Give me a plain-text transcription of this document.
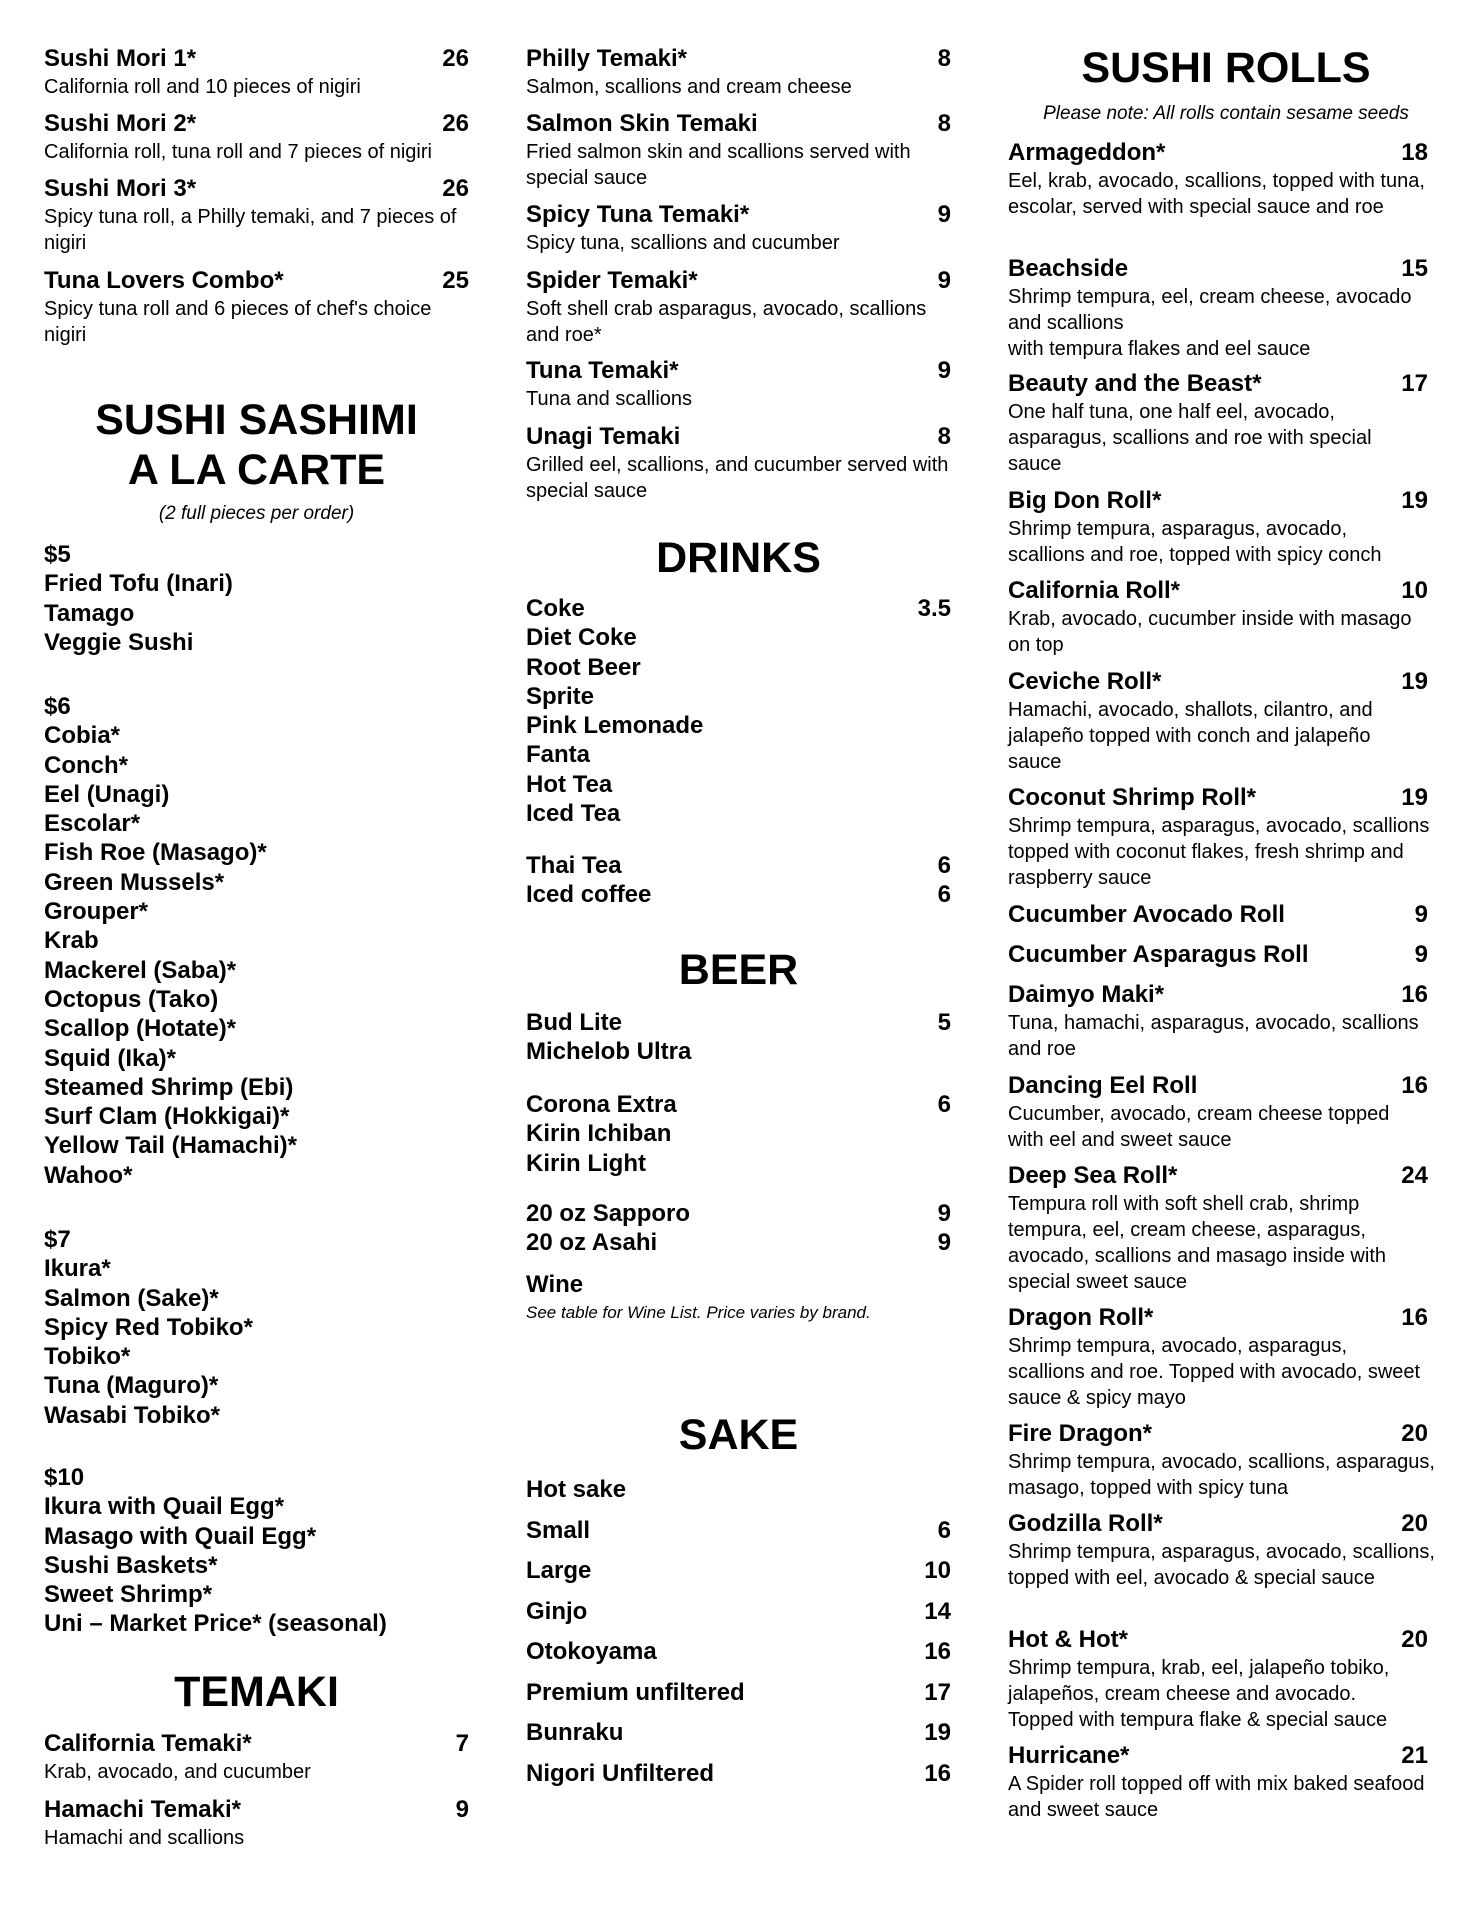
Sushi Mori 1*	26
California roll and 10 pieces of nigiri
Sushi Mori 2*	26
California roll, tuna roll and 7 pieces of nigiri
Sushi Mori 3*	26
Spicy tuna roll, a Philly temaki, and 7 pieces of nigiri
Tuna Lovers Combo*	25
Spicy tuna roll and 6 pieces of chef's choice nigiri
SUSHI SASHIMI
A LA CARTE
(2 full pieces per order)
$5
Fried Tofu (Inari)
Tamago
Veggie Sushi
$6
Cobia*
Conch*
Eel (Unagi)
Escolar*
Fish Roe (Masago)*
Green Mussels*
Grouper*
Krab
Mackerel (Saba)*
Octopus (Tako)
Scallop (Hotate)*
Squid (Ika)*
Steamed Shrimp (Ebi)
Surf Clam (Hokkigai)*
Yellow Tail (Hamachi)*
Wahoo*
$7
Ikura*
Salmon (Sake)*
Spicy Red Tobiko*
Tobiko*
Tuna (Maguro)*
Wasabi Tobiko*
$10
Ikura with Quail Egg*
Masago with Quail Egg*
Sushi Baskets*
Sweet Shrimp*
Uni – Market Price* (seasonal)
TEMAKI
California Temaki*	7
Krab, avocado, and cucumber
Hamachi Temaki*	9
Hamachi and scallions
Philly Temaki*	8
Salmon, scallions and cream cheese
Salmon Skin Temaki	8
Fried salmon skin and scallions served with special sauce
Spicy Tuna Temaki*	9
Spicy tuna, scallions and cucumber
Spider Temaki*	9
Soft shell crab asparagus, avocado, scallions and roe*
Tuna Temaki*	9
Tuna and scallions
Unagi Temaki	8
Grilled eel, scallions, and cucumber served with special sauce
DRINKS
Coke	3.5
Diet Coke
Root Beer
Sprite
Pink Lemonade
Fanta
Hot Tea
Iced Tea
Thai Tea	6
Iced coffee	6
BEER
Bud Lite	5
Michelob Ultra
Corona Extra	6
Kirin Ichiban
Kirin Light
20 oz Sapporo	9
20 oz Asahi	9
Wine
See table for Wine List. Price varies by brand.
SAKE
Hot sake
Small	6
Large	10
Ginjo	14
Otokoyama	16
Premium unfiltered	17
Bunraku	19
Nigori Unfiltered	16
SUSHI ROLLS
Please note: All rolls contain sesame seeds
Armageddon*	18
Eel, krab, avocado, scallions, topped with tuna, escolar, served with special sauce and roe
Beachside	15
Shrimp tempura, eel, cream cheese, avocado and scallions
with tempura flakes and eel sauce
Beauty and the Beast*	17
One half tuna, one half eel, avocado, asparagus, scallions and roe with special sauce
Big Don Roll*	19
Shrimp tempura, asparagus, avocado, scallions and roe, topped with spicy conch
California Roll*	10
Krab, avocado, cucumber inside with masago on top
Ceviche Roll*	19
Hamachi, avocado, shallots, cilantro, and jalapeño topped with conch and jalapeño sauce
Coconut Shrimp Roll*	19
Shrimp tempura, asparagus, avocado, scallions topped with coconut flakes, fresh shrimp and raspberry sauce
Cucumber Avocado Roll	9
Cucumber Asparagus Roll	9
Daimyo Maki*	16
Tuna, hamachi, asparagus, avocado, scallions and roe
Dancing Eel Roll	16
Cucumber, avocado, cream cheese topped with eel and sweet sauce
Deep Sea Roll*	24
Tempura roll with soft shell crab, shrimp tempura, eel, cream cheese, asparagus, avocado, scallions and masago inside with special sweet sauce
Dragon Roll*	16
Shrimp tempura, avocado, asparagus, scallions and roe. Topped with avocado, sweet sauce & spicy mayo
Fire Dragon*	20
Shrimp tempura, avocado, scallions, asparagus, masago, topped with spicy tuna
Godzilla Roll*	20
Shrimp tempura, asparagus, avocado, scallions, topped with eel, avocado & special sauce
Hot & Hot*	20
Shrimp tempura, krab, eel, jalapeño tobiko, jalapeños, cream cheese and avocado.
Topped with tempura flake & special sauce
Hurricane*	21
A Spider roll topped off with mix baked seafood and sweet sauce
